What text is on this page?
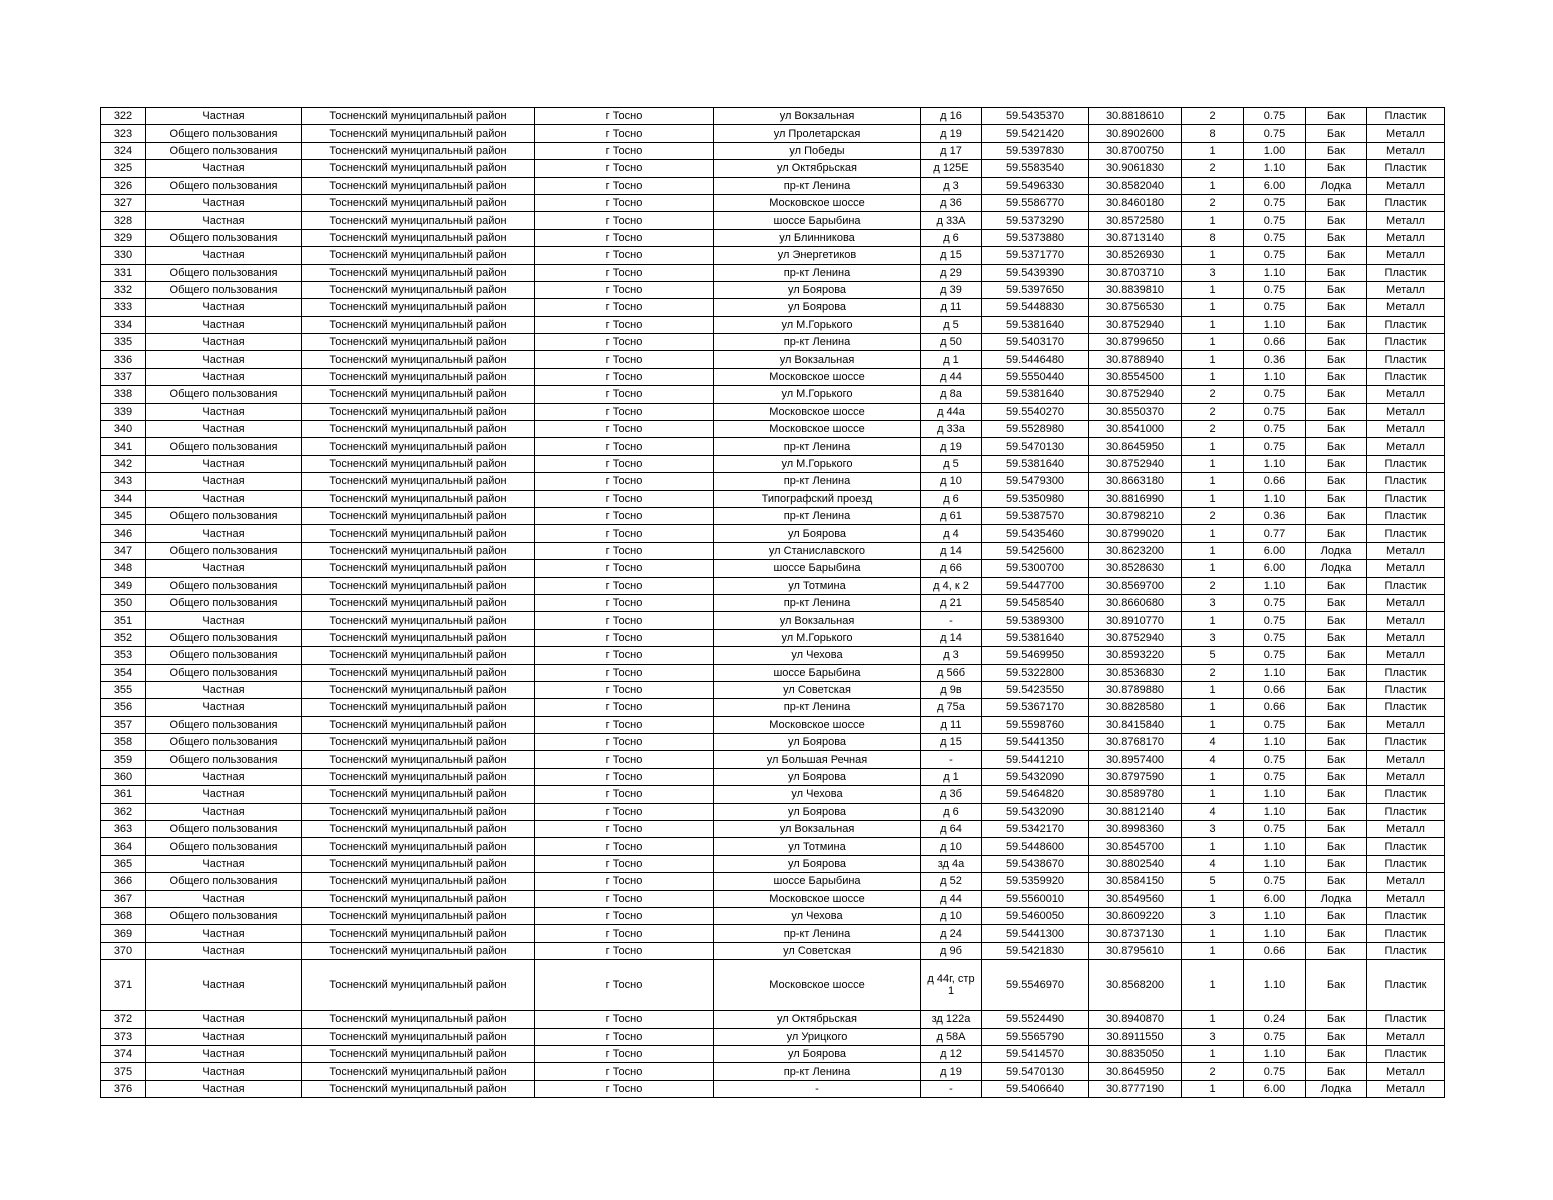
322	Частная	Тосненский муниципальный район	г Тосно	ул Вокзальная	д 16	59.5435370	30.8818610	2	0.75	Бак	Пластик
323	Общего пользования	Тосненский муниципальный район	г Тосно	ул Пролетарская	д 19	59.5421420	30.8902600	8	0.75	Бак	Металл
324	Общего пользования	Тосненский муниципальный район	г Тосно	ул Победы	д 17	59.5397830	30.8700750	1	1.00	Бак	Металл
325	Частная	Тосненский муниципальный район	г Тосно	ул Октябрьская	д 125Е	59.5583540	30.9061830	2	1.10	Бак	Пластик
326	Общего пользования	Тосненский муниципальный район	г Тосно	пр-кт Ленина	д 3	59.5496330	30.8582040	1	6.00	Лодка	Металл
327	Частная	Тосненский муниципальный район	г Тосно	Московское шоссе	д 36	59.5586770	30.8460180	2	0.75	Бак	Пластик
328	Частная	Тосненский муниципальный район	г Тосно	шоссе Барыбина	д 33А	59.5373290	30.8572580	1	0.75	Бак	Металл
329	Общего пользования	Тосненский муниципальный район	г Тосно	ул Блинникова	д 6	59.5373880	30.8713140	8	0.75	Бак	Металл
330	Частная	Тосненский муниципальный район	г Тосно	ул Энергетиков	д 15	59.5371770	30.8526930	1	0.75	Бак	Металл
331	Общего пользования	Тосненский муниципальный район	г Тосно	пр-кт Ленина	д 29	59.5439390	30.8703710	3	1.10	Бак	Пластик
332	Общего пользования	Тосненский муниципальный район	г Тосно	ул Боярова	д 39	59.5397650	30.8839810	1	0.75	Бак	Металл
333	Частная	Тосненский муниципальный район	г Тосно	ул Боярова	д 11	59.5448830	30.8756530	1	0.75	Бак	Металл
334	Частная	Тосненский муниципальный район	г Тосно	ул М.Горького	д 5	59.5381640	30.8752940	1	1.10	Бак	Пластик
335	Частная	Тосненский муниципальный район	г Тосно	пр-кт Ленина	д 50	59.5403170	30.8799650	1	0.66	Бак	Пластик
336	Частная	Тосненский муниципальный район	г Тосно	ул Вокзальная	д 1	59.5446480	30.8788940	1	0.36	Бак	Пластик
337	Частная	Тосненский муниципальный район	г Тосно	Московское шоссе	д 44	59.5550440	30.8554500	1	1.10	Бак	Пластик
338	Общего пользования	Тосненский муниципальный район	г Тосно	ул М.Горького	д 8а	59.5381640	30.8752940	2	0.75	Бак	Металл
339	Частная	Тосненский муниципальный район	г Тосно	Московское шоссе	д 44а	59.5540270	30.8550370	2	0.75	Бак	Металл
340	Частная	Тосненский муниципальный район	г Тосно	Московское шоссе	д 33а	59.5528980	30.8541000	2	0.75	Бак	Металл
341	Общего пользования	Тосненский муниципальный район	г Тосно	пр-кт Ленина	д 19	59.5470130	30.8645950	1	0.75	Бак	Металл
342	Частная	Тосненский муниципальный район	г Тосно	ул М.Горького	д 5	59.5381640	30.8752940	1	1.10	Бак	Пластик
343	Частная	Тосненский муниципальный район	г Тосно	пр-кт Ленина	д 10	59.5479300	30.8663180	1	0.66	Бак	Пластик
344	Частная	Тосненский муниципальный район	г Тосно	Типографский проезд	д 6	59.5350980	30.8816990	1	1.10	Бак	Пластик
345	Общего пользования	Тосненский муниципальный район	г Тосно	пр-кт Ленина	д 61	59.5387570	30.8798210	2	0.36	Бак	Пластик
346	Частная	Тосненский муниципальный район	г Тосно	ул Боярова	д 4	59.5435460	30.8799020	1	0.77	Бак	Пластик
347	Общего пользования	Тосненский муниципальный район	г Тосно	ул Станиславского	д 14	59.5425600	30.8623200	1	6.00	Лодка	Металл
348	Частная	Тосненский муниципальный район	г Тосно	шоссе Барыбина	д 66	59.5300700	30.8528630	1	6.00	Лодка	Металл
349	Общего пользования	Тосненский муниципальный район	г Тосно	ул Тотмина	д 4, к 2	59.5447700	30.8569700	2	1.10	Бак	Пластик
350	Общего пользования	Тосненский муниципальный район	г Тосно	пр-кт Ленина	д 21	59.5458540	30.8660680	3	0.75	Бак	Металл
351	Частная	Тосненский муниципальный район	г Тосно	ул Вокзальная	-	59.5389300	30.8910770	1	0.75	Бак	Металл
352	Общего пользования	Тосненский муниципальный район	г Тосно	ул М.Горького	д 14	59.5381640	30.8752940	3	0.75	Бак	Металл
353	Общего пользования	Тосненский муниципальный район	г Тосно	ул Чехова	д 3	59.5469950	30.8593220	5	0.75	Бак	Металл
354	Общего пользования	Тосненский муниципальный район	г Тосно	шоссе Барыбина	д 56б	59.5322800	30.8536830	2	1.10	Бак	Пластик
355	Частная	Тосненский муниципальный район	г Тосно	ул Советская	д 9в	59.5423550	30.8789880	1	0.66	Бак	Пластик
356	Частная	Тосненский муниципальный район	г Тосно	пр-кт Ленина	д 75а	59.5367170	30.8828580	1	0.66	Бак	Пластик
357	Общего пользования	Тосненский муниципальный район	г Тосно	Московское шоссе	д 11	59.5598760	30.8415840	1	0.75	Бак	Металл
358	Общего пользования	Тосненский муниципальный район	г Тосно	ул Боярова	д 15	59.5441350	30.8768170	4	1.10	Бак	Пластик
359	Общего пользования	Тосненский муниципальный район	г Тосно	ул Большая Речная	-	59.5441210	30.8957400	4	0.75	Бак	Металл
360	Частная	Тосненский муниципальный район	г Тосно	ул Боярова	д 1	59.5432090	30.8797590	1	0.75	Бак	Металл
361	Частная	Тосненский муниципальный район	г Тосно	ул Чехова	д 3б	59.5464820	30.8589780	1	1.10	Бак	Пластик
362	Частная	Тосненский муниципальный район	г Тосно	ул Боярова	д 6	59.5432090	30.8812140	4	1.10	Бак	Пластик
363	Общего пользования	Тосненский муниципальный район	г Тосно	ул Вокзальная	д 64	59.5342170	30.8998360	3	0.75	Бак	Металл
364	Общего пользования	Тосненский муниципальный район	г Тосно	ул Тотмина	д 10	59.5448600	30.8545700	1	1.10	Бак	Пластик
365	Частная	Тосненский муниципальный район	г Тосно	ул Боярова	зд 4а	59.5438670	30.8802540	4	1.10	Бак	Пластик
366	Общего пользования	Тосненский муниципальный район	г Тосно	шоссе Барыбина	д 52	59.5359920	30.8584150	5	0.75	Бак	Металл
367	Частная	Тосненский муниципальный район	г Тосно	Московское шоссе	д 44	59.5560010	30.8549560	1	6.00	Лодка	Металл
368	Общего пользования	Тосненский муниципальный район	г Тосно	ул Чехова	д 10	59.5460050	30.8609220	3	1.10	Бак	Пластик
369	Частная	Тосненский муниципальный район	г Тосно	пр-кт Ленина	д 24	59.5441300	30.8737130	1	1.10	Бак	Пластик
370	Частная	Тосненский муниципальный район	г Тосно	ул Советская	д 9б	59.5421830	30.8795610	1	0.66	Бак	Пластик
371	Частная	Тосненский муниципальный район	г Тосно	Московское шоссе	д 44г, стр 1	59.5546970	30.8568200	1	1.10	Бак	Пластик
372	Частная	Тосненский муниципальный район	г Тосно	ул Октябрьская	зд 122а	59.5524490	30.8940870	1	0.24	Бак	Пластик
373	Частная	Тосненский муниципальный район	г Тосно	ул Урицкого	д 58А	59.5565790	30.8911550	3	0.75	Бак	Металл
374	Частная	Тосненский муниципальный район	г Тосно	ул Боярова	д 12	59.5414570	30.8835050	1	1.10	Бак	Пластик
375	Частная	Тосненский муниципальный район	г Тосно	пр-кт Ленина	д 19	59.5470130	30.8645950	2	0.75	Бак	Металл
376	Частная	Тосненский муниципальный район	г Тосно	-	-	59.5406640	30.8777190	1	6.00	Лодка	Металл
